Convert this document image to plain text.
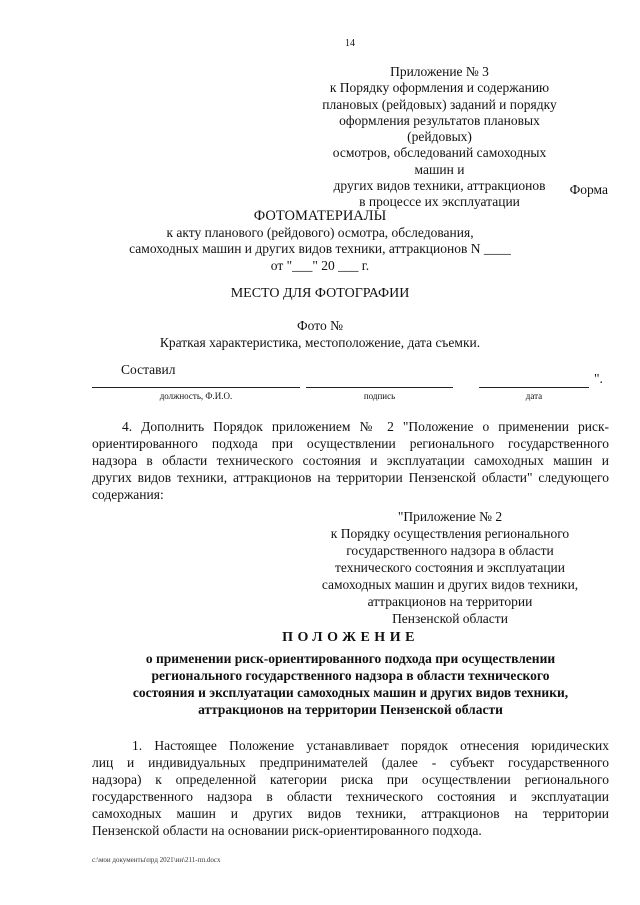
14
Приложение № 3
к Порядку оформления и содержанию
плановых (рейдовых) заданий и порядку
оформления результатов плановых (рейдовых)
осмотров, обследований самоходных машин и
других видов техники, аттракционов
в процессе их эксплуатации
Форма
ФОТОМАТЕРИАЛЫ
к акту планового (рейдового) осмотра, обследования,
самоходных машин и других видов техники, аттракционов N ____
от "___" 20 ___ г.
МЕСТО ДЛЯ ФОТОГРАФИИ
Фото №
Краткая характеристика, местоположение, дата съемки.
Составил
".
должность, Ф.И.О.	подпись	дата
4. Дополнить Порядок приложением № 2 "Положение о применении риск-
ориентированного подхода при осуществлении регионального государственного
надзора в области технического состояния и эксплуатации самоходных машин и
других видов техники, аттракционов на территории Пензенской области" следующего
содержания:
"Приложение № 2
к Порядку осуществления регионального
государственного надзора в области
технического состояния и эксплуатации
самоходных машин и других видов техники,
аттракционов на территории
Пензенской области
ПОЛОЖЕНИЕ
о применении риск-ориентированного подхода при осуществлении
регионального государственного надзора в области технического
состояния и эксплуатации самоходных машин и других видов техники,
аттракционов на территории Пензенской области
1. Настоящее Положение устанавливает порядок отнесения юридических
лиц и индивидуальных предпринимателей (далее - субъект государственного
надзора) к определенной категории риска при осуществлении регионального
государственного надзора в области технического состояния и эксплуатации
самоходных машин и других видов техники, аттракционов на территории
Пензенской области на основании риск-ориентированного подхода.
c:\мои документы\прд 2021\ии\211-пп.docx
